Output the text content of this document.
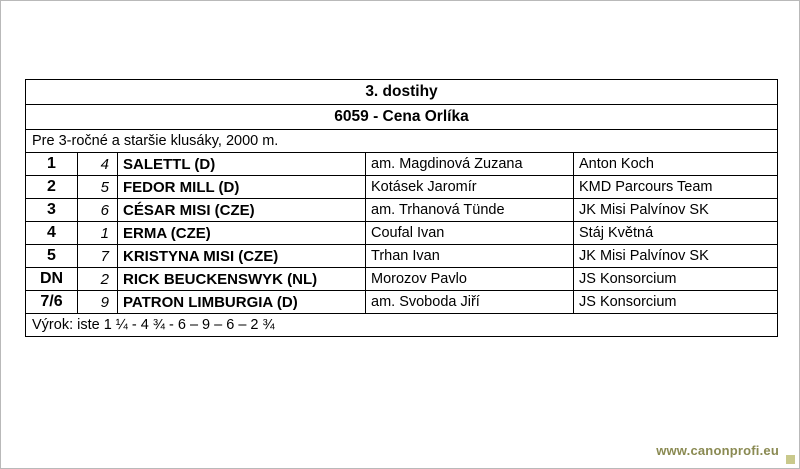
3. dostihy				
6059 - Cena Orlíka				
Pre 3-ročné a staršie klusáky, 2000 m.				
1	4	SALETTL (D)	am. Magdinová Zuzana	Anton Koch
2	5	FEDOR MILL (D)	Kotásek Jaromír	KMD Parcours Team
3	6	CÉSAR MISI (CZE)	am. Trhanová Tünde	JK Misi Palvínov SK
4	1	ERMA (CZE)	Coufal Ivan	Stáj Květná
5	7	KRISTYNA MISI (CZE)	Trhan Ivan	JK Misi Palvínov SK
DN	2	RICK BEUCKENSWYK (NL)	Morozov Pavlo	JS Konsorcium
7/6	9	PATRON LIMBURGIA (D)	am. Svoboda Jiří	JS Konsorcium
Výrok: iste 1 ¼ - 4 ¾ - 6 – 9 – 6 – 2 ¾				
www.canonprofi.eu
